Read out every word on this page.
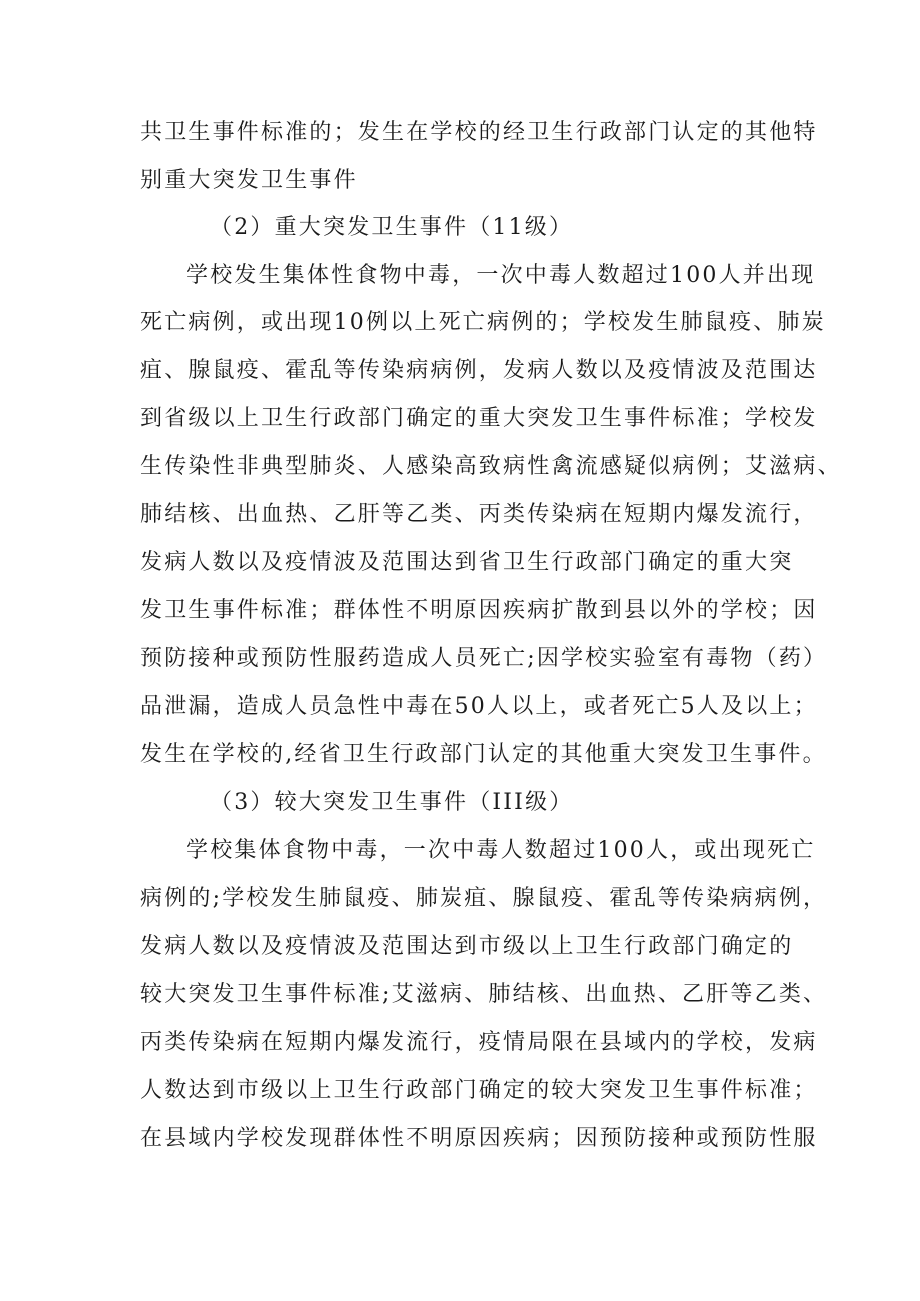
共卫生事件标准的；发生在学校的经卫生行政部门认定的其他特
别重大突发卫生事件
（2）重大突发卫生事件（11级）
学校发生集体性食物中毒，一次中毒人数超过100人并出现
死亡病例，或出现10例以上死亡病例的；学校发生肺鼠疫、肺炭
疽、腺鼠疫、霍乱等传染病病例，发病人数以及疫情波及范围达
到省级以上卫生行政部门确定的重大突发卫生事件标准；学校发
生传染性非典型肺炎、人感染高致病性禽流感疑似病例；艾滋病、
肺结核、出血热、乙肝等乙类、丙类传染病在短期内爆发流行，
发病人数以及疫情波及范围达到省卫生行政部门确定的重大突
发卫生事件标准；群体性不明原因疾病扩散到县以外的学校；因
预防接种或预防性服药造成人员死亡;因学校实验室有毒物（药）
品泄漏，造成人员急性中毒在50人以上，或者死亡5人及以上；
发生在学校的,经省卫生行政部门认定的其他重大突发卫生事件。
（3）较大突发卫生事件（III级）
学校集体食物中毒，一次中毒人数超过100人，或出现死亡
病例的;学校发生肺鼠疫、肺炭疽、腺鼠疫、霍乱等传染病病例，
发病人数以及疫情波及范围达到市级以上卫生行政部门确定的
较大突发卫生事件标准;艾滋病、肺结核、出血热、乙肝等乙类、
丙类传染病在短期内爆发流行，疫情局限在县域内的学校，发病
人数达到市级以上卫生行政部门确定的较大突发卫生事件标准；
在县域内学校发现群体性不明原因疾病；因预防接种或预防性服
